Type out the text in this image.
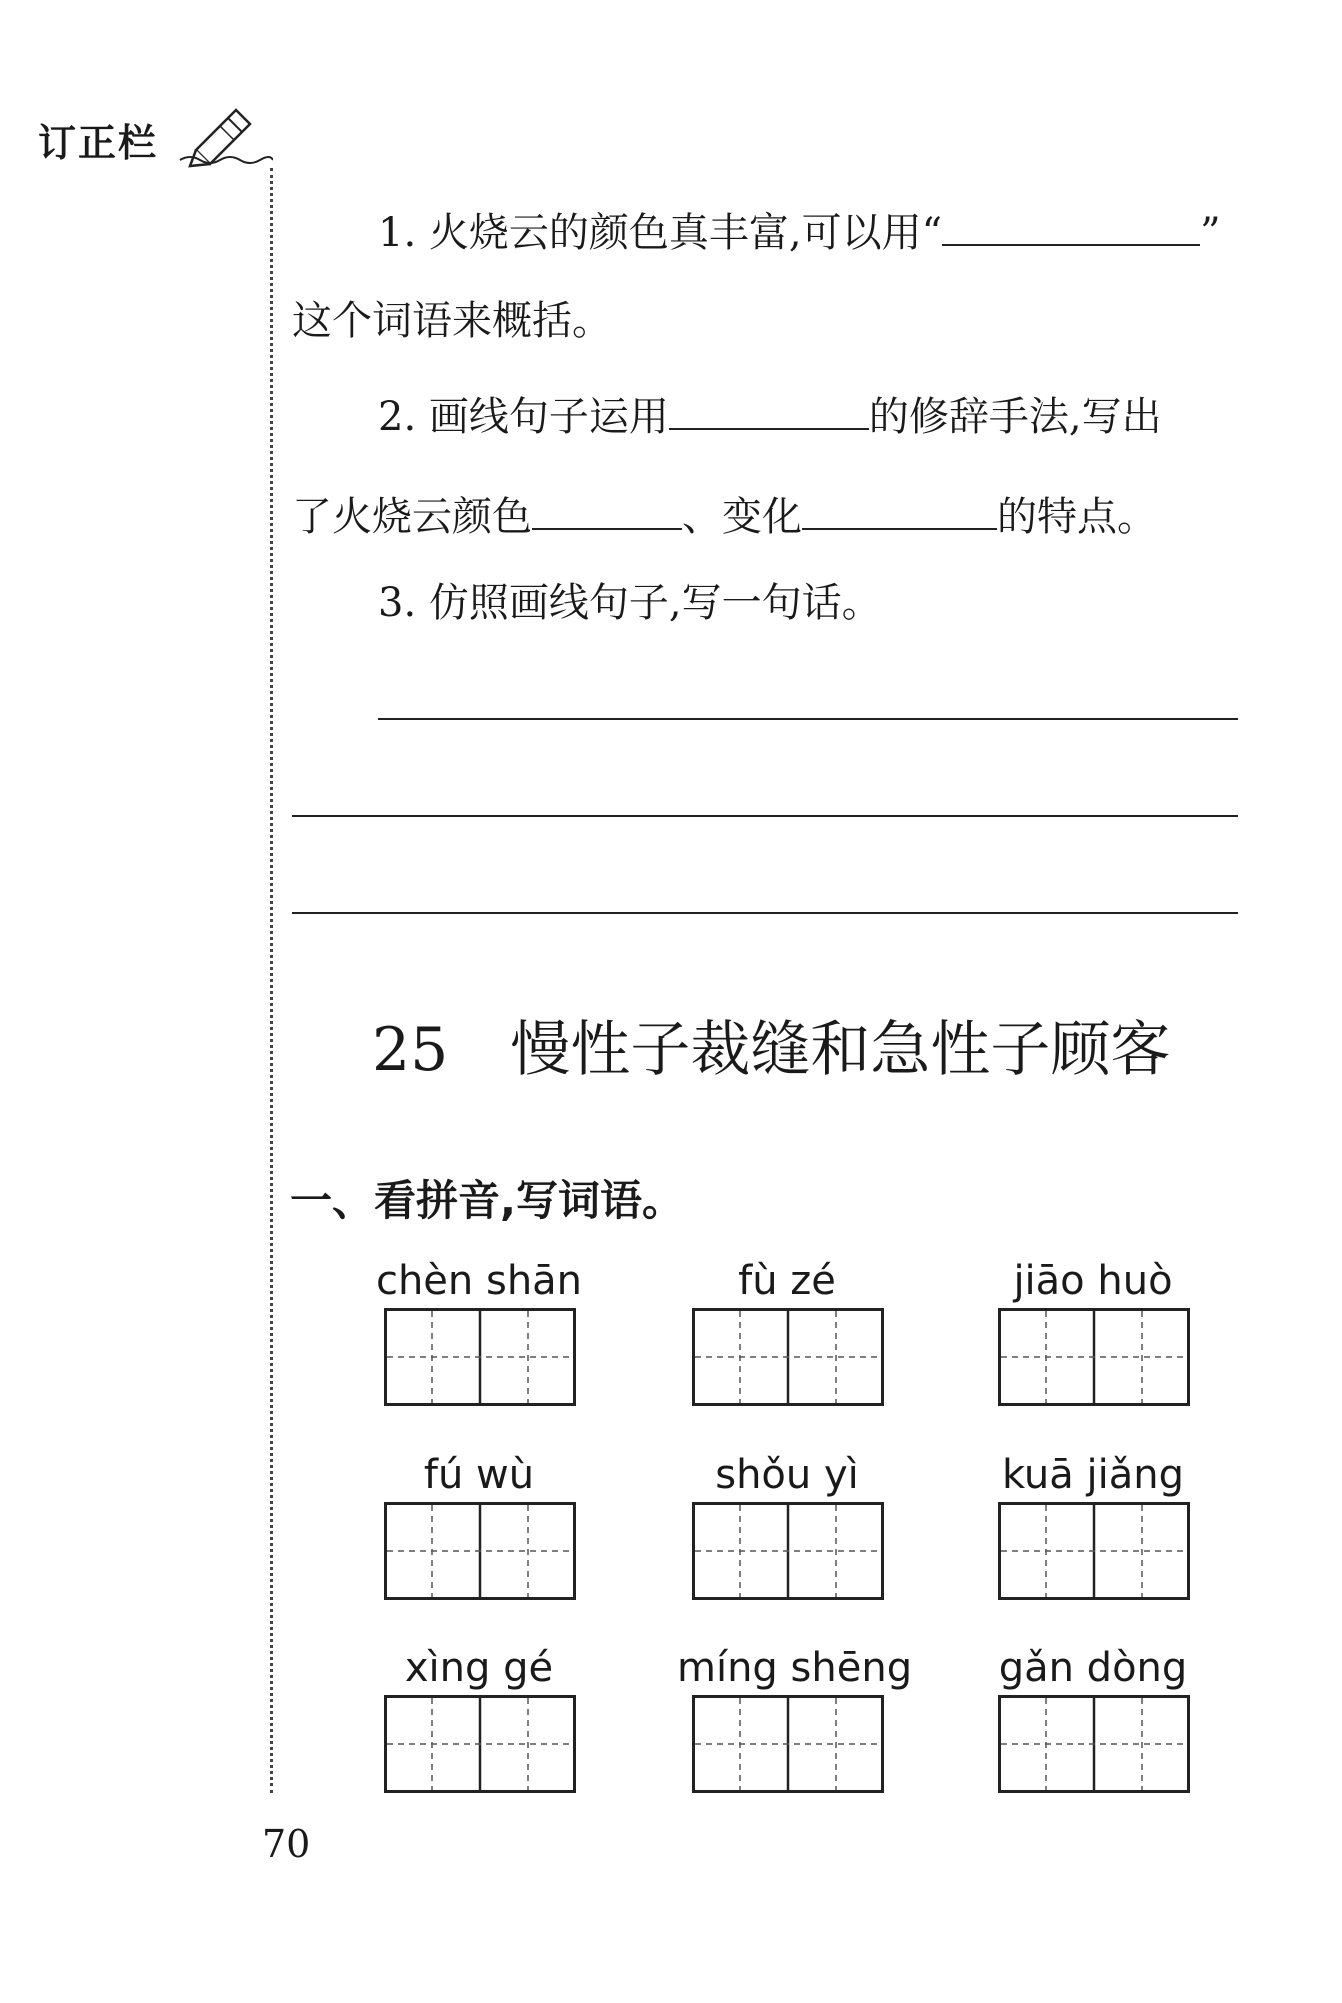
订正栏
1. 火烧云的颜色真丰富,可以用“	”
这个词语来概括。
2. 画线句子运用	的修辞手法,写出
了火烧云颜色	、变化	的特点。
3. 仿照画线句子,写一句话。
25 慢性子裁缝和急性子顾客
一、看拼音,写词语。
chèn shān	fù zé	jiāo huò
fú wù	shǒu yì	kuā jiǎng
xìng gé	míng shēng	gǎn dòng
70
